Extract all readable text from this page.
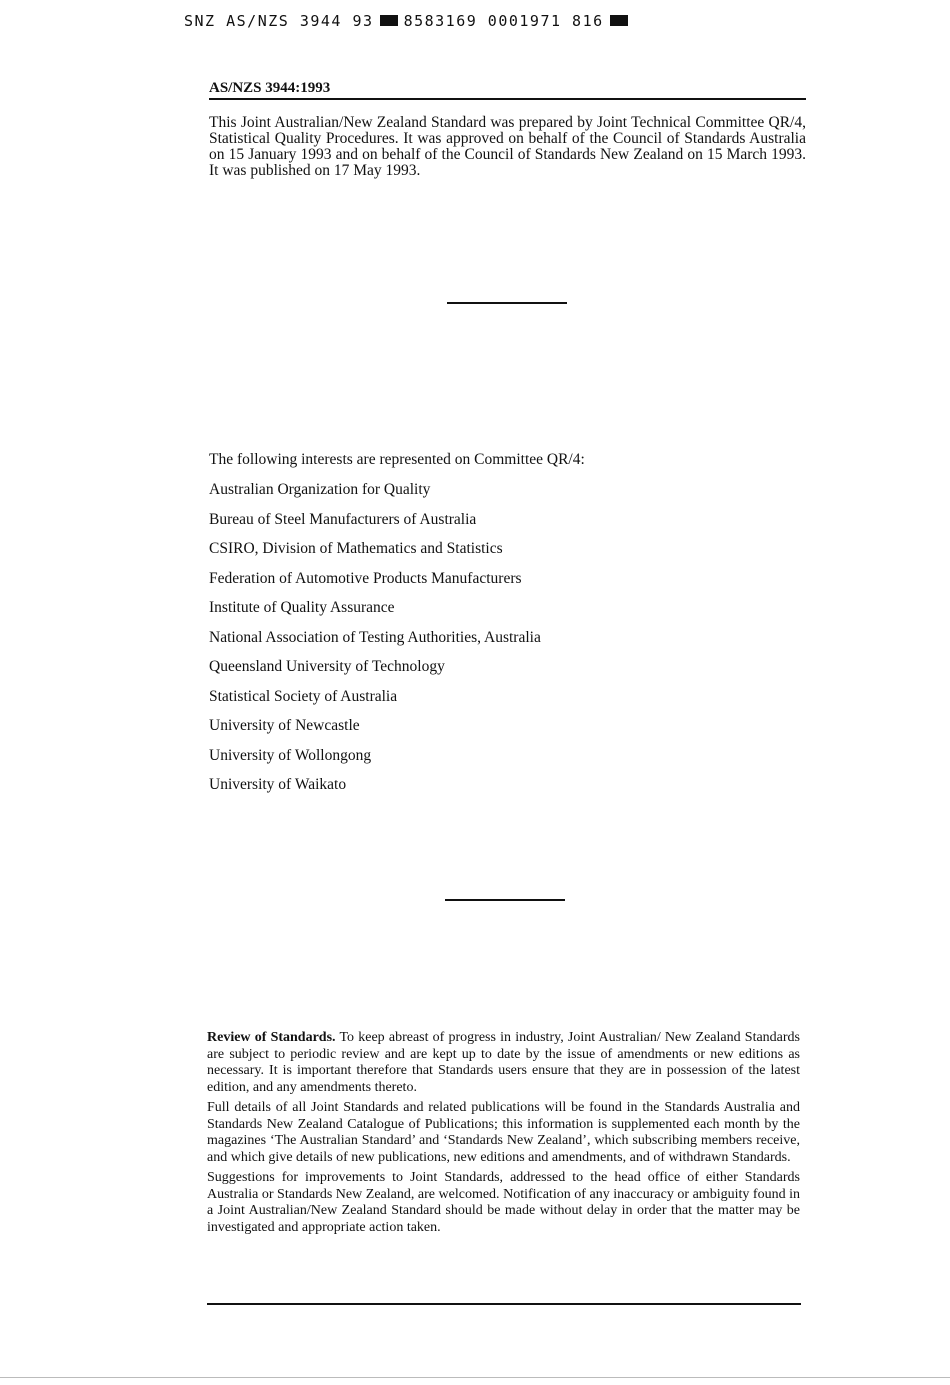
SNZ AS/NZS 3944 93 8583169 0001971 816
AS/NZS 3944:1993

This Joint Australian/New Zealand Standard was prepared by Joint Technical Committee QR/4, Statistical Quality Procedures. It was approved on behalf of the Council of Standards Australia on 15 January 1993 and on behalf of the Council of Standards New Zealand on 15 March 1993. It was published on 17 May 1993.

The following interests are represented on Committee QR/4:

Australian Organization for Quality
Bureau of Steel Manufacturers of Australia
CSIRO, Division of Mathematics and Statistics
Federation of Automotive Products Manufacturers
Institute of Quality Assurance
National Association of Testing Authorities, Australia
Queensland University of Technology
Statistical Society of Australia
University of Newcastle
University of Wollongong
University of Waikato

Review of Standards. To keep abreast of progress in industry, Joint Australian/ New Zealand Standards are subject to periodic review and are kept up to date by the issue of amendments or new editions as necessary. It is important therefore that Standards users ensure that they are in possession of the latest edition, and any amendments thereto.

Full details of all Joint Standards and related publications will be found in the Standards Australia and Standards New Zealand Catalogue of Publications; this information is supplemented each month by the magazines ‘The Australian Standard’ and ‘Standards New Zealand’, which subscribing members receive, and which give details of new publications, new editions and amendments, and of withdrawn Standards.

Suggestions for improvements to Joint Standards, addressed to the head office of either Standards Australia or Standards New Zealand, are welcomed. Notification of any inaccuracy or ambiguity found in a Joint Australian/New Zealand Standard should be made without delay in order that the matter may be investigated and appropriate action taken.
